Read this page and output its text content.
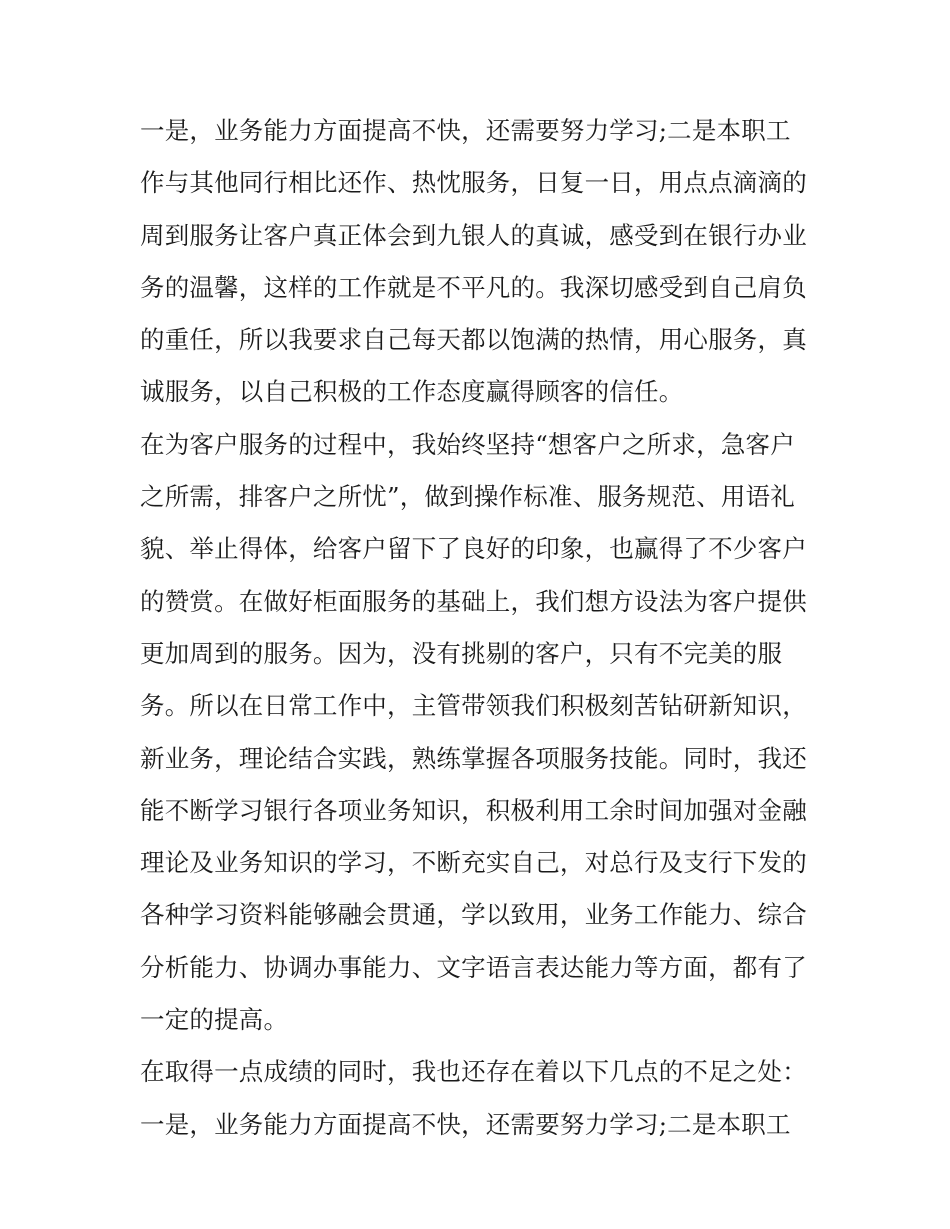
一是，业务能力方面提高不快，还需要努力学习;二是本职工
作与其他同行相比还作、热忱服务，日复一日，用点点滴滴的
周到服务让客户真正体会到九银人的真诚，感受到在银行办业
务的温馨，这样的工作就是不平凡的。我深切感受到自己肩负
的重任，所以我要求自己每天都以饱满的热情，用心服务，真
诚服务，以自己积极的工作态度赢得顾客的信任。
在为客户服务的过程中，我始终坚持“想客户之所求，急客户
之所需，排客户之所忧”，做到操作标准、服务规范、用语礼
貌、举止得体，给客户留下了良好的印象，也赢得了不少客户
的赞赏。在做好柜面服务的基础上，我们想方设法为客户提供
更加周到的服务。因为，没有挑剔的客户，只有不完美的服
务。所以在日常工作中，主管带领我们积极刻苦钻研新知识，
新业务，理论结合实践，熟练掌握各项服务技能。同时，我还
能不断学习银行各项业务知识，积极利用工余时间加强对金融
理论及业务知识的学习，不断充实自己，对总行及支行下发的
各种学习资料能够融会贯通，学以致用，业务工作能力、综合
分析能力、协调办事能力、文字语言表达能力等方面，都有了
一定的提高。
在取得一点成绩的同时，我也还存在着以下几点的不足之处：
一是，业务能力方面提高不快，还需要努力学习;二是本职工
